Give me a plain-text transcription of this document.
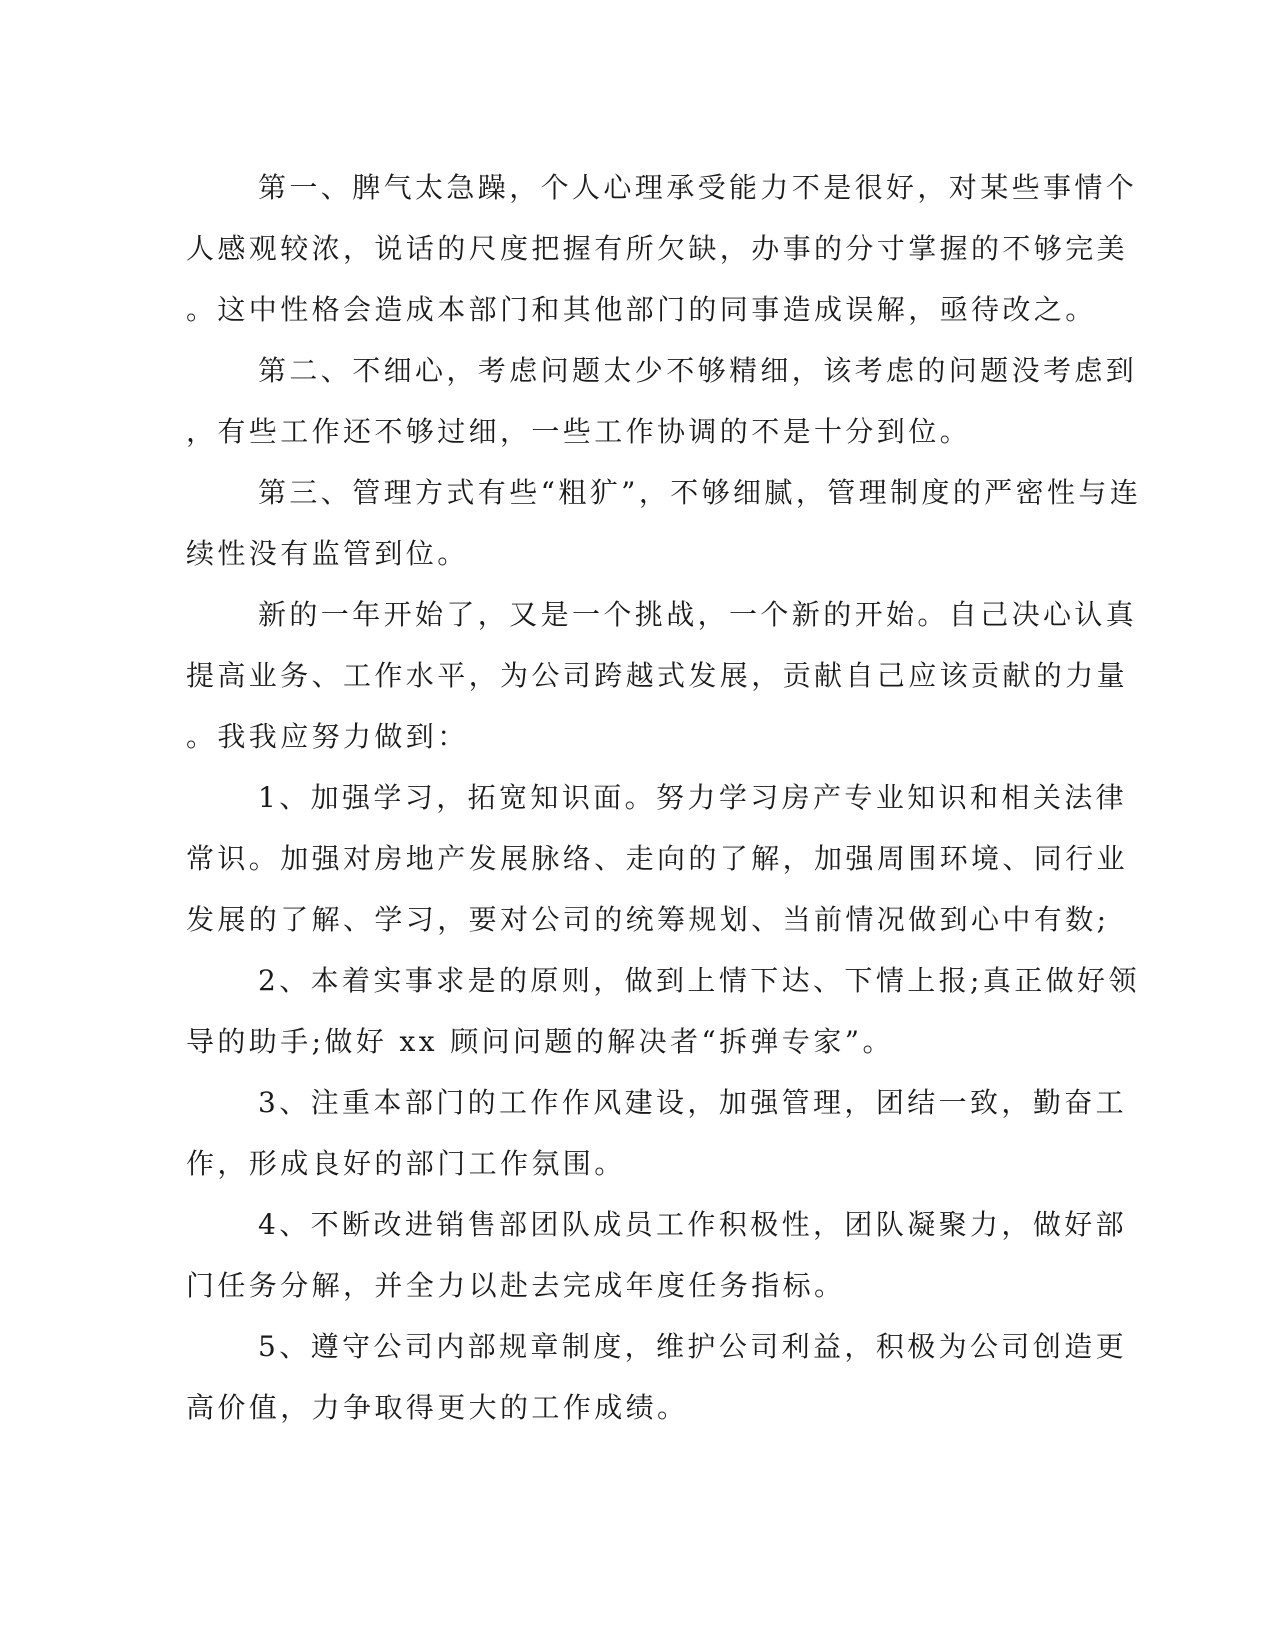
第一、脾气太急躁，个人心理承受能力不是很好，对某些事情个
人感观较浓，说话的尺度把握有所欠缺，办事的分寸掌握的不够完美
。这中性格会造成本部门和其他部门的同事造成误解，亟待改之。
第二、不细心，考虑问题太少不够精细，该考虑的问题没考虑到
，有些工作还不够过细，一些工作协调的不是十分到位。
第三、管理方式有些“粗犷”，不够细腻，管理制度的严密性与连
续性没有监管到位。
新的一年开始了，又是一个挑战，一个新的开始。自己决心认真
提高业务、工作水平，为公司跨越式发展，贡献自己应该贡献的力量
。我我应努力做到：
1、加强学习，拓宽知识面。努力学习房产专业知识和相关法律
常识。加强对房地产发展脉络、走向的了解，加强周围环境、同行业
发展的了解、学习，要对公司的统筹规划、当前情况做到心中有数;
2、本着实事求是的原则，做到上情下达、下情上报;真正做好领
导的助手;做好 xx 顾问问题的解决者“拆弹专家”。
3、注重本部门的工作作风建设，加强管理，团结一致，勤奋工
作，形成良好的部门工作氛围。
4、不断改进销售部团队成员工作积极性，团队凝聚力，做好部
门任务分解，并全力以赴去完成年度任务指标。
5、遵守公司内部规章制度，维护公司利益，积极为公司创造更
高价值，力争取得更大的工作成绩。
